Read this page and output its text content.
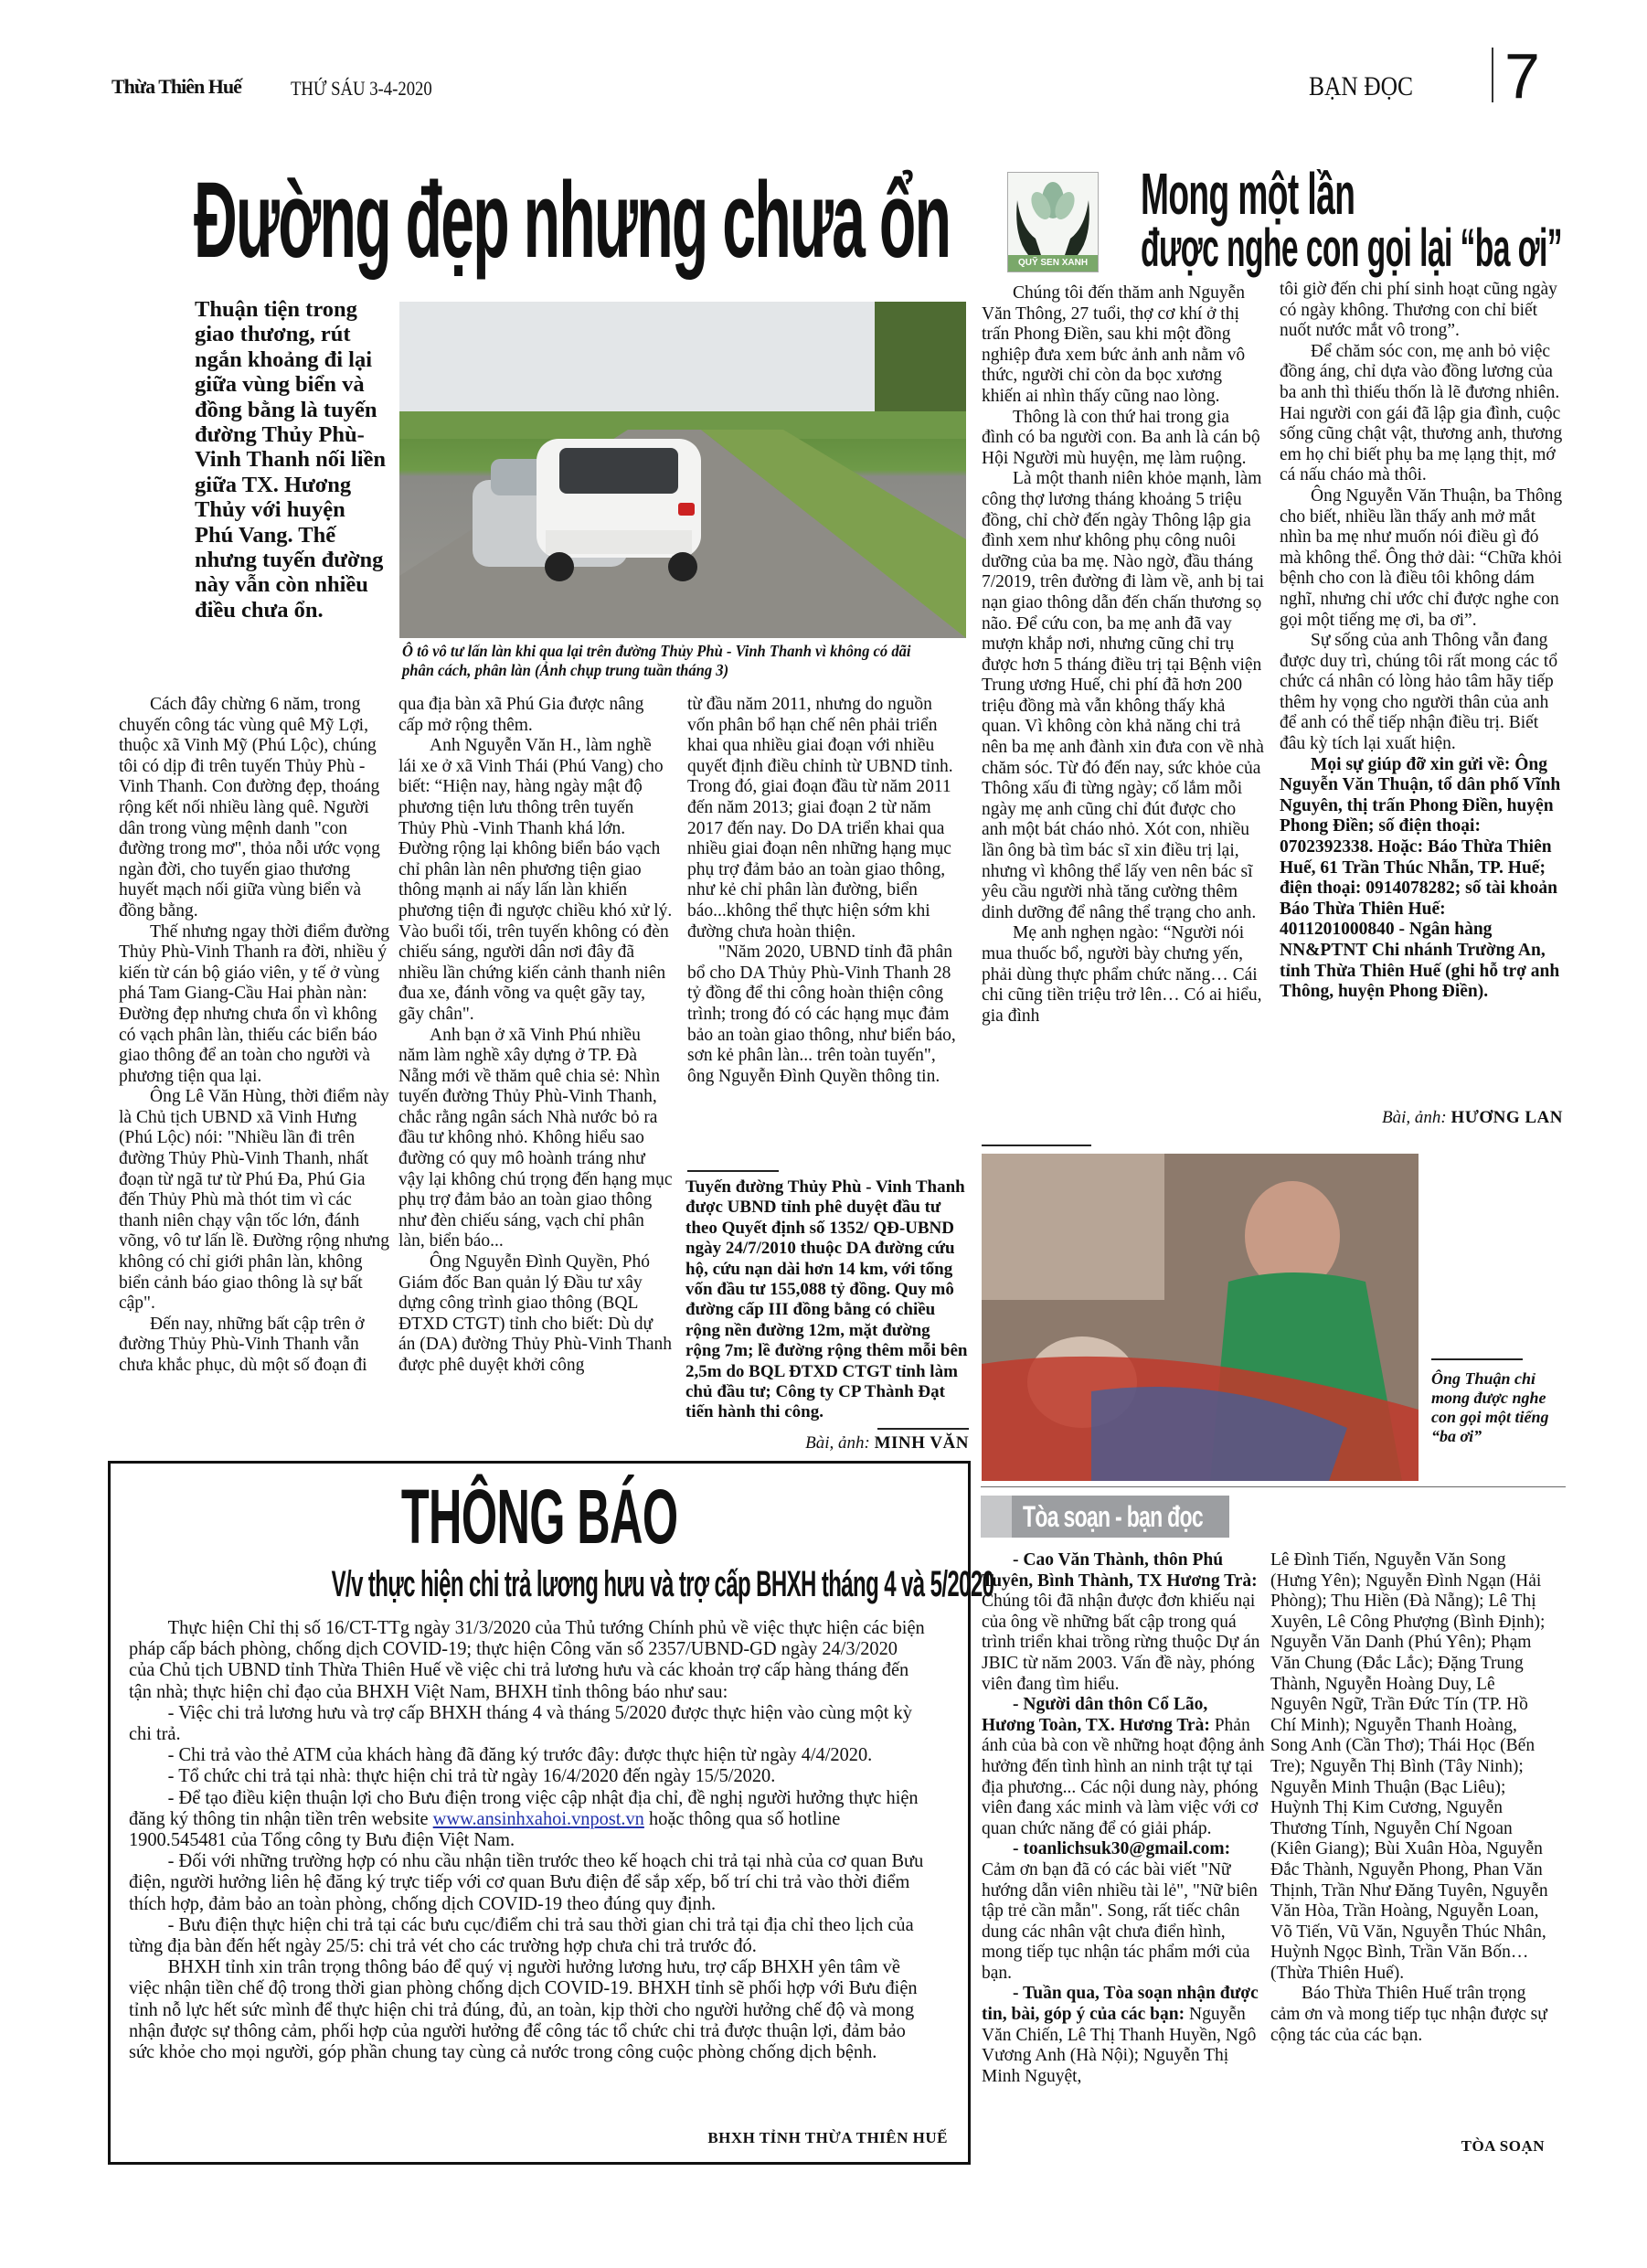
Thừa Thiên Huế THỨ SÁU 3-4-2020	BẠN ĐỌC 7
Đường đẹp nhưng chưa ổn
Thuận tiện trong giao thương, rút ngắn khoảng đi lại giữa vùng biển và đồng bằng là tuyến đường Thủy Phù-Vinh Thanh nối liền giữa TX. Hương Thủy với huyện Phú Vang. Thế nhưng tuyến đường này vẫn còn nhiều điều chưa ổn.
Ô tô vô tư lấn làn khi qua lại trên đường Thủy Phù - Vinh Thanh vì không có dãi phân cách, phân làn (Ảnh chụp trung tuần tháng 3)

Cách đây chừng 6 năm, trong chuyến công tác vùng quê Mỹ Lợi, thuộc xã Vinh Mỹ (Phú Lộc), chúng tôi có dịp đi trên tuyến Thủy Phù - Vinh Thanh. Con đường đẹp, thoáng rộng kết nối nhiều làng quê. Người dân trong vùng mệnh danh "con đường trong mơ", thỏa nỗi ước vọng ngàn đời, cho tuyến giao thương huyết mạch nối giữa vùng biển và đồng bằng.

Thế nhưng ngay thời điểm đường Thủy Phù-Vinh Thanh ra đời, nhiều ý kiến từ cán bộ giáo viên, y tế ở vùng phá Tam Giang-Cầu Hai phàn nàn: Đường đẹp nhưng chưa ổn vì không có vạch phân làn, thiếu các biển báo giao thông để an toàn cho người và phương tiện qua lại.

Ông Lê Văn Hùng, thời điểm này là Chủ tịch UBND xã Vinh Hưng (Phú Lộc) nói: "Nhiều lần đi trên đường Thủy Phù-Vinh Thanh, nhất đoạn từ ngã tư từ Phú Đa, Phú Gia đến Thủy Phù mà thót tim vì các thanh niên chạy vận tốc lớn, đánh võng, vô tư lấn lề. Đường rộng nhưng không có chỉ giới phân làn, không biển cảnh báo giao thông là sự bất cập".

Đến nay, những bất cập trên ở đường Thủy Phù-Vinh Thanh vẫn chưa khắc phục, dù một số đoạn đi

qua địa bàn xã Phú Gia được nâng cấp mở rộng thêm.

Anh Nguyễn Văn H., làm nghề lái xe ở xã Vinh Thái (Phú Vang) cho biết: “Hiện nay, hàng ngày mật độ phương tiện lưu thông trên tuyến Thủy Phù -Vinh Thanh khá lớn. Đường rộng lại không biển báo vạch chỉ phân làn nên phương tiện giao thông mạnh ai nấy lấn làn khiến phương tiện đi ngược chiều khó xử lý. Vào buổi tối, trên tuyến không có đèn chiếu sáng, người dân nơi đây đã nhiều lần chứng kiến cảnh thanh niên đua xe, đánh võng va quệt gãy tay, gãy chân".

Anh bạn ở xã Vinh Phú nhiều năm làm nghề xây dựng ở TP. Đà Nẵng mới về thăm quê chia sẻ: Nhìn tuyến đường Thủy Phù-Vinh Thanh, chắc rằng ngân sách Nhà nước bỏ ra đầu tư không nhỏ. Không hiểu sao đường có quy mô hoành tráng như vậy lại không chú trọng đến hạng mục phụ trợ đảm bảo an toàn giao thông như đèn chiếu sáng, vạch chỉ phân làn, biển báo...

Ông Nguyễn Đình Quyền, Phó Giám đốc Ban quản lý Đầu tư xây dựng công trình giao thông (BQL ĐTXD CTGT) tỉnh cho biết: Dù dự án (DA) đường Thủy Phù-Vinh Thanh được phê duyệt khởi công

từ đầu năm 2011, nhưng do nguồn vốn phân bổ hạn chế nên phải triển khai qua nhiều giai đoạn với nhiều quyết định điều chỉnh từ UBND tỉnh. Trong đó, giai đoạn đầu từ năm 2011 đến năm 2013; giai đoạn 2 từ năm 2017 đến nay. Do DA triển khai qua nhiều giai đoạn nên những hạng mục phụ trợ đảm bảo an toàn giao thông, như kẻ chỉ phân làn đường, biển báo...không thể thực hiện sớm khi đường chưa hoàn thiện.

"Năm 2020, UBND tỉnh đã phân bổ cho DA Thủy Phù-Vinh Thanh 28 tỷ đồng để thi công hoàn thiện công trình; trong đó có các hạng mục đảm bảo an toàn giao thông, như biển báo, sơn kẻ phân làn... trên toàn tuyến", ông Nguyễn Đình Quyền thông tin.

Tuyến đường Thủy Phù - Vinh Thanh được UBND tỉnh phê duyệt đầu tư theo Quyết định số 1352/ QĐ-UBND ngày 24/7/2010 thuộc DA đường cứu hộ, cứu nạn dài hơn 14 km, với tổng vốn đầu tư 155,088 tỷ đồng. Quy mô đường cấp III đồng bằng có chiều rộng nền đường 12m, mặt đường rộng 7m; lề đường rộng thêm mỗi bên 2,5m do BQL ĐTXD CTGT tỉnh làm chủ đầu tư; Công ty CP Thành Đạt tiến hành thi công.
Bài, ảnh: MINH VĂN
QUỸ SEN XANH
Mong một lần
được nghe con gọi lại “ba ơi”

Chúng tôi đến thăm anh Nguyễn Văn Thông, 27 tuổi, thợ cơ khí ở thị trấn Phong Điền, sau khi một đồng nghiệp đưa xem bức ảnh anh nằm vô thức, người chỉ còn da bọc xương khiến ai nhìn thấy cũng nao lòng.

Thông là con thứ hai trong gia đình có ba người con. Ba anh là cán bộ Hội Người mù huyện, mẹ làm ruộng.

Là một thanh niên khỏe mạnh, làm công thợ lương tháng khoảng 5 triệu đồng, chỉ chờ đến ngày Thông lập gia đình xem như không phụ công nuôi dưỡng của ba mẹ. Nào ngờ, đầu tháng 7/2019, trên đường đi làm về, anh bị tai nạn giao thông dẫn đến chấn thương sọ não. Để cứu con, ba mẹ anh đã vay mượn khắp nơi, nhưng cũng chỉ trụ được hơn 5 tháng điều trị tại Bệnh viện Trung ương Huế, chi phí đã hơn 200 triệu đồng mà vẫn không thấy khả quan. Vì không còn khả năng chi trả nên ba mẹ anh đành xin đưa con về nhà chăm sóc. Từ đó đến nay, sức khỏe của Thông xấu đi từng ngày; cố lắm mỗi ngày mẹ anh cũng chỉ đút được cho anh một bát cháo nhỏ. Xót con, nhiều lần ông bà tìm bác sĩ xin điều trị lại, nhưng vì không thể lấy ven nên bác sĩ yêu cầu người nhà tăng cường thêm dinh dưỡng để nâng thể trạng cho anh.

Mẹ anh nghẹn ngào: “Người nói mua thuốc bổ, người bày chưng yến, phải dùng thực phẩm chức năng… Cái chi cũng tiền triệu trở lên… Có ai hiểu, gia đình

tôi giờ đến chi phí sinh hoạt cũng ngày có ngày không. Thương con chỉ biết nuốt nước mắt vô trong”.

Để chăm sóc con, mẹ anh bỏ việc đồng áng, chỉ dựa vào đồng lương của ba anh thì thiếu thốn là lẽ đương nhiên. Hai người con gái đã lập gia đình, cuộc sống cũng chật vật, thương anh, thương em họ chỉ biết phụ ba mẹ lạng thịt, mớ cá nấu cháo mà thôi.

Ông Nguyễn Văn Thuận, ba Thông cho biết, nhiều lần thấy anh mở mắt nhìn ba mẹ như muốn nói điều gì đó mà không thể. Ông thở dài: “Chữa khỏi bệnh cho con là điều tôi không dám nghĩ, nhưng chỉ ước chỉ được nghe con gọi một tiếng mẹ ơi, ba ơi”.

Sự sống của anh Thông vẫn đang được duy trì, chúng tôi rất mong các tổ chức cá nhân có lòng hảo tâm hãy tiếp thêm hy vọng cho người thân của anh để anh có thể tiếp nhận điều trị. Biết đâu kỳ tích lại xuất hiện.

Mọi sự giúp đỡ xin gửi về: Ông Nguyễn Văn Thuận, tổ dân phố Vĩnh Nguyên, thị trấn Phong Điền, huyện Phong Điền; số điện thoại: 0702392338. Hoặc: Báo Thừa Thiên Huế, 61 Trần Thúc Nhẫn, TP. Huế; điện thoại: 0914078282; số tài khoản Báo Thừa Thiên Huế: 4011201000840 - Ngân hàng NN&PTNT Chi nhánh Trường An, tỉnh Thừa Thiên Huế (ghi hỗ trợ anh Thông, huyện Phong Điền).

Bài, ảnh: HƯƠNG LAN
Ông Thuận chỉ mong được nghe con gọi một tiếng “ba ơi”
THÔNG BÁO
V/v thực hiện chi trả lương hưu và trợ cấp BHXH tháng 4 và 5/2020

Thực hiện Chỉ thị số 16/CT-TTg ngày 31/3/2020 của Thủ tướng Chính phủ về việc thực hiện các biện pháp cấp bách phòng, chống dịch COVID-19; thực hiện Công văn số 2357/UBND-GD ngày 24/3/2020 của Chủ tịch UBND tỉnh Thừa Thiên Huế về việc chi trả lương hưu và các khoản trợ cấp hàng tháng đến tận nhà; thực hiện chỉ đạo của BHXH Việt Nam, BHXH tỉnh thông báo như sau:

- Việc chi trả lương hưu và trợ cấp BHXH tháng 4 và tháng 5/2020 được thực hiện vào cùng một kỳ chi trả.

- Chi trả vào thẻ ATM của khách hàng đã đăng ký trước đây: được thực hiện từ ngày 4/4/2020.

- Tổ chức chi trả tại nhà: thực hiện chi trả từ ngày 16/4/2020 đến ngày 15/5/2020.

- Để tạo điều kiện thuận lợi cho Bưu điện trong việc cập nhật địa chỉ, đề nghị người hưởng thực hiện đăng ký thông tin nhận tiền trên website www.ansinhxahoi.vnpost.vn hoặc thông qua số hotline 1900.545481 của Tổng công ty Bưu điện Việt Nam.

- Đối với những trường hợp có nhu cầu nhận tiền trước theo kế hoạch chi trả tại nhà của cơ quan Bưu điện, người hưởng liên hệ đăng ký trực tiếp với cơ quan Bưu điện để sắp xếp, bố trí chi trả vào thời điểm thích hợp, đảm bảo an toàn phòng, chống dịch COVID-19 theo đúng quy định.

- Bưu điện thực hiện chi trả tại các bưu cục/điểm chi trả sau thời gian chi trả tại địa chỉ theo lịch của từng địa bàn đến hết ngày 25/5: chi trả vét cho các trường hợp chưa chi trả trước đó.

BHXH tỉnh xin trân trọng thông báo để quý vị người hưởng lương hưu, trợ cấp BHXH yên tâm về việc nhận tiền chế độ trong thời gian phòng chống dịch COVID-19. BHXH tỉnh sẽ phối hợp với Bưu điện tỉnh nỗ lực hết sức mình để thực hiện chi trả đúng, đủ, an toàn, kịp thời cho người hưởng chế độ và mong nhận được sự thông cảm, phối hợp của người hưởng để công tác tổ chức chi trả được thuận lợi, đảm bảo sức khỏe cho mọi người, góp phần chung tay cùng cả nước trong công cuộc phòng chống dịch bệnh.

BHXH TỈNH THỪA THIÊN HUẾ
Tòa soạn - bạn đọc

- Cao Văn Thành, thôn Phú Tuyên, Bình Thành, TX Hương Trà: Chúng tôi đã nhận được đơn khiếu nại của ông về những bất cập trong quá trình triển khai trồng rừng thuộc Dự án JBIC từ năm 2003. Vấn đề này, phóng viên đang tìm hiểu.

- Người dân thôn Cổ Lão, Hương Toàn, TX. Hương Trà: Phản ánh của bà con về những hoạt động ảnh hưởng đến tình hình an ninh trật tự tại địa phương... Các nội dung này, phóng viên đang xác minh và làm việc với cơ quan chức năng để có giải pháp.

- toanlichsuk30@gmail.com: Cảm ơn bạn đã có các bài viết "Nữ hướng dẫn viên nhiều tài lẻ", "Nữ biên tập trẻ cần mẫn". Song, rất tiếc chân dung các nhân vật chưa điển hình, mong tiếp tục nhận tác phẩm mới của bạn.

- Tuần qua, Tòa soạn nhận được tin, bài, góp ý của các bạn: Nguyễn Văn Chiến, Lê Thị Thanh Huyền, Ngô Vương Anh (Hà Nội); Nguyễn Thị Minh Nguyệt,

Lê Đình Tiến, Nguyễn Văn Song (Hưng Yên); Nguyễn Đình Ngạn (Hải Phòng); Thu Hiền (Đà Nẵng); Lê Thị Xuyên, Lê Công Phượng (Bình Định); Nguyễn Văn Danh (Phú Yên); Phạm Văn Chung (Đắc Lắc); Đặng Trung Thành, Nguyễn Hoàng Duy, Lê Nguyên Ngữ, Trần Đức Tín (TP. Hồ Chí Minh); Nguyễn Thanh Hoàng, Song Anh (Cần Thơ); Thái Học (Bến Tre); Nguyễn Thị Bình (Tây Ninh); Nguyễn Minh Thuận (Bạc Liêu); Huỳnh Thị Kim Cương, Nguyễn Thương Tính, Nguyễn Chí Ngoan (Kiên Giang); Bùi Xuân Hòa, Nguyễn Đắc Thành, Nguyễn Phong, Phan Văn Thịnh, Trần Như Đăng Tuyên, Nguyễn Văn Hòa, Trần Hoàng, Nguyễn Loan, Võ Tiến, Vũ Văn, Nguyễn Thúc Nhân, Huỳnh Ngọc Bình, Trần Văn Bốn… (Thừa Thiên Huế).

Báo Thừa Thiên Huế trân trọng cảm ơn và mong tiếp tục nhận được sự cộng tác của các bạn.

TÒA SOẠN
